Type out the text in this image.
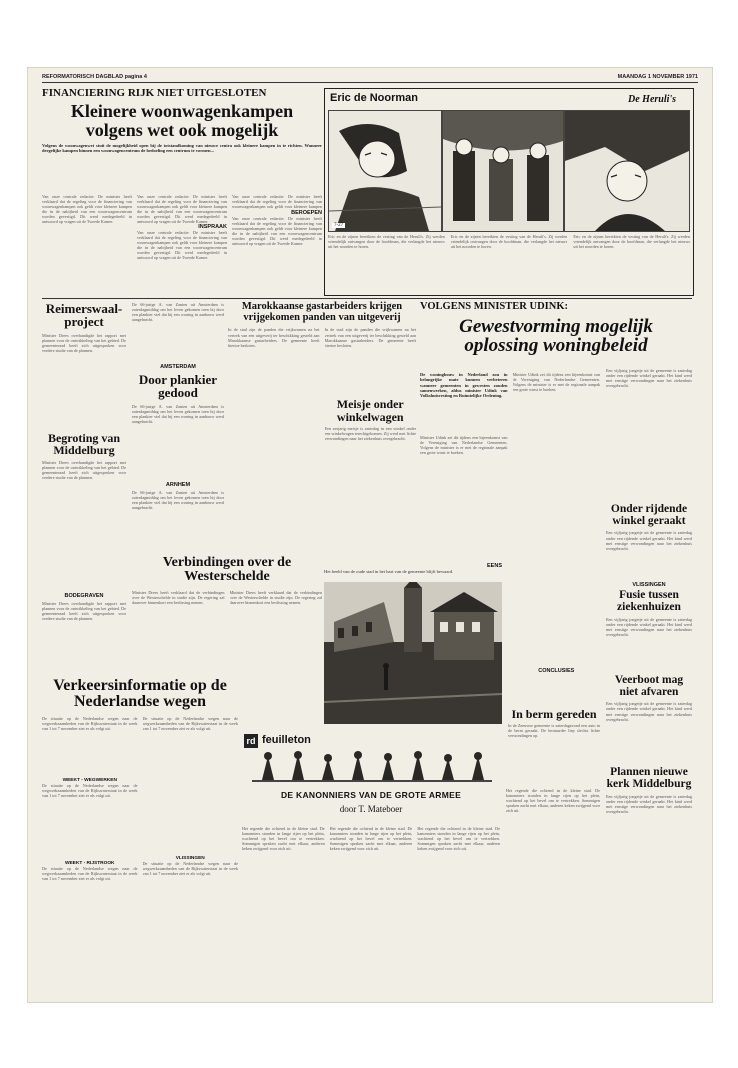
REFORMATORISCH DAGBLAD pagina 4	MAANDAG 1 NOVEMBER 1971

FINANCIERING RIJK NIET UITGESLOTEN

Kleinere woonwagenkampen

volgens wet ook mogelijk

Volgens de woonwagenwet stuit de mogelijkheid open bij de totstandkoming van nieuwe centra ook kleinere kampen in te richten. Wanneer dergelijke kampen binnen een woonwagencentrum de bedoeling een centrum te vormen...

Van onze centrale redactie: De minister heeft verklaard dat de regeling voor de financiering van woonwagenkampen ook geldt voor kleinere kampen die in de nabijheid van een woonwagencentrum worden gevestigd. Dit werd medegedeeld in antwoord op vragen uit de Tweede Kamer.

Van onze centrale redactie: De minister heeft verklaard dat de regeling voor de financiering van woonwagenkampen ook geldt voor kleinere kampen die in de nabijheid van een woonwagencentrum worden gevestigd. Dit werd medegedeeld in antwoord op vragen uit de Tweede Kamer.

INSPRAAK

Van onze centrale redactie: De minister heeft verklaard dat de regeling voor de financiering van woonwagenkampen ook geldt voor kleinere kampen die in de nabijheid van een woonwagencentrum worden gevestigd. Dit werd medegedeeld in antwoord op vragen uit de Tweede Kamer.

Van onze centrale redactie: De minister heeft verklaard dat de regeling voor de financiering van woonwagenkampen ook geldt voor kleinere kampen

BEROEPEN

Van onze centrale redactie: De minister heeft verklaard dat de regeling voor de financiering van woonwagenkampen ook geldt voor kleinere kampen die in de nabijheid van een woonwagencentrum worden gevestigd. Dit werd medegedeeld in antwoord op vragen uit de Tweede Kamer.

Eric de Noorman	De Heruli's
7-27

Eric en de zijnen bereikten de vesting van de Heruli's. Zij werden vriendelijk ontvangen door de hoofdman, die verlangde het nieuws uit het noorden te horen.

Eric en de zijnen bereikten de vesting van de Heruli's. Zij werden vriendelijk ontvangen door de hoofdman, die verlangde het nieuws uit het noorden te horen.

Eric en de zijnen bereikten de vesting van de Heruli's. Zij werden vriendelijk ontvangen door de hoofdman, die verlangde het nieuws uit het noorden te horen.

Reimerswaal-project

Minister Drees overhandigde het rapport met plannen voor de ontwikkeling van het gebied. De gemeenteraad heeft zich uitgesproken voor verdere studie van de plannen.

Begroting van Middelburg

Minister Drees overhandigde het rapport met plannen voor de ontwikkeling van het gebied. De gemeenteraad heeft zich uitgesproken voor verdere studie van de plannen.

BODEGRAVEN

Minister Drees overhandigde het rapport met plannen voor de ontwikkeling van het gebied. De gemeenteraad heeft zich uitgesproken voor verdere studie van de plannen.

De 66-jarige A. van Zanten uit Amsterdam is zaterdagmiddag om het leven gekomen toen hij door een plankier viel dat bij een woning in aanbouw werd aangebracht.

AMSTERDAM

Door plankier gedood

De 66-jarige A. van Zanten uit Amsterdam is zaterdagmiddag om het leven gekomen toen hij door een plankier viel dat bij een woning in aanbouw werd aangebracht.

ARNHEM

De 66-jarige A. van Zanten uit Amsterdam is zaterdagmiddag om het leven gekomen toen hij door een plankier viel dat bij een woning in aanbouw werd aangebracht.

Marokkaanse gastarbeiders krijgen vrijgekomen panden van uitgeverij

In de stad zijn de panden die vrijkwamen na het vertrek van een uitgeverij ter beschikking gesteld aan Marokkaanse gastarbeiders. De gemeente heeft hiertoe besloten.

In de stad zijn de panden die vrijkwamen na het vertrek van een uitgeverij ter beschikking gesteld aan Marokkaanse gastarbeiders. De gemeente heeft hiertoe besloten.

Meisje onder winkelwagen

Een zesjarig meisje is zaterdag in een winkel onder een winkelwagen terechtgekomen. Zij werd met lichte verwondingen naar het ziekenhuis overgebracht.

Verbindingen over de Westerschelde

Minister Drees heeft verklaard dat de verbindingen over de Westerschelde in studie zijn. De regering zal daarover binnenkort een beslissing nemen.

Minister Drees heeft verklaard dat de verbindingen over de Westerschelde in studie zijn. De regering zal daarover binnenkort een beslissing nemen.

EENS

Het beeld van de oude stad in het hart van de gemeente blijft bewaard.

VOLGENS MINISTER UDINK:

Gewestvorming mogelijk

oplossing woningbeleid

De woningbouw in Nederland zou in belangrijke mate kunnen verbeteren wanneer gemeenten in gewesten zouden samenwerken, aldus minister Udink van Volkshuisvesting en Ruimtelijke Ordening.

Minister Udink zei dit tijdens een bijeenkomst van de Vereniging van Nederlandse Gemeenten. Volgens de minister is er met de regionale aanpak een grote winst te boeken.

Minister Udink zei dit tijdens een bijeenkomst van de Vereniging van Nederlandse Gemeenten. Volgens de minister is er met de regionale aanpak een grote winst te boeken.

CONCLUSIES

In berm gereden

In de Zeeuwse gemeente is zaterdagavond een auto in de berm geraakt. De bestuurder liep slechts lichte verwondingen op.

Een vijfjarig jongetje uit de gemeente is zaterdag onder een rijdende winkel geraakt. Het kind werd met ernstige verwondingen naar het ziekenhuis overgebracht.

Onder rijdende winkel geraakt

Een vijfjarig jongetje uit de gemeente is zaterdag onder een rijdende winkel geraakt. Het kind werd met ernstige verwondingen naar het ziekenhuis overgebracht.

VLISSINGEN

Fusie tussen ziekenhuizen

Een vijfjarig jongetje uit de gemeente is zaterdag onder een rijdende winkel geraakt. Het kind werd met ernstige verwondingen naar het ziekenhuis overgebracht.

Veerboot mag niet afvaren

Een vijfjarig jongetje uit de gemeente is zaterdag onder een rijdende winkel geraakt. Het kind werd met ernstige verwondingen naar het ziekenhuis overgebracht.

Plannen nieuwe kerk Middelburg

Een vijfjarig jongetje uit de gemeente is zaterdag onder een rijdende winkel geraakt. Het kind werd met ernstige verwondingen naar het ziekenhuis overgebracht.

Verkeersinformatie op de Nederlandse wegen

De situatie op de Nederlandse wegen naar de wegwerkzaamheden van de Rijkswaterstaat in de week van 1 tot 7 november ziet er als volgt uit.

WEEKT - WEGWERKEN

De situatie op de Nederlandse wegen naar de wegwerkzaamheden van de Rijkswaterstaat in de week van 1 tot 7 november ziet er als volgt uit.

WEEKT - RIJSTROOK

De situatie op de Nederlandse wegen naar de wegwerkzaamheden van de Rijkswaterstaat in de week van 1 tot 7 november ziet er als volgt uit.

De situatie op de Nederlandse wegen naar de wegwerkzaamheden van de Rijkswaterstaat in de week van 1 tot 7 november ziet er als volgt uit.

VLISSINGEN

De situatie op de Nederlandse wegen naar de wegwerkzaamheden van de Rijkswaterstaat in de week van 1 tot 7 november ziet er als volgt uit.

rd feuilleton
DE KANONNIERS VAN DE GROTE ARMEE
door T. Mateboer

Het regende die ochtend in de kleine stad. De kanonniers stonden in lange rijen op het plein, wachtend op het bevel om te vertrekken. Sommigen spraken zacht met elkaar, anderen keken zwijgend voor zich uit.

Het regende die ochtend in de kleine stad. De kanonniers stonden in lange rijen op het plein, wachtend op het bevel om te vertrekken. Sommigen spraken zacht met elkaar, anderen keken zwijgend voor zich uit.

Het regende die ochtend in de kleine stad. De kanonniers stonden in lange rijen op het plein, wachtend op het bevel om te vertrekken. Sommigen spraken zacht met elkaar, anderen keken zwijgend voor zich uit.

Het regende die ochtend in de kleine stad. De kanonniers stonden in lange rijen op het plein, wachtend op het bevel om te vertrekken. Sommigen spraken zacht met elkaar, anderen keken zwijgend voor zich uit.
